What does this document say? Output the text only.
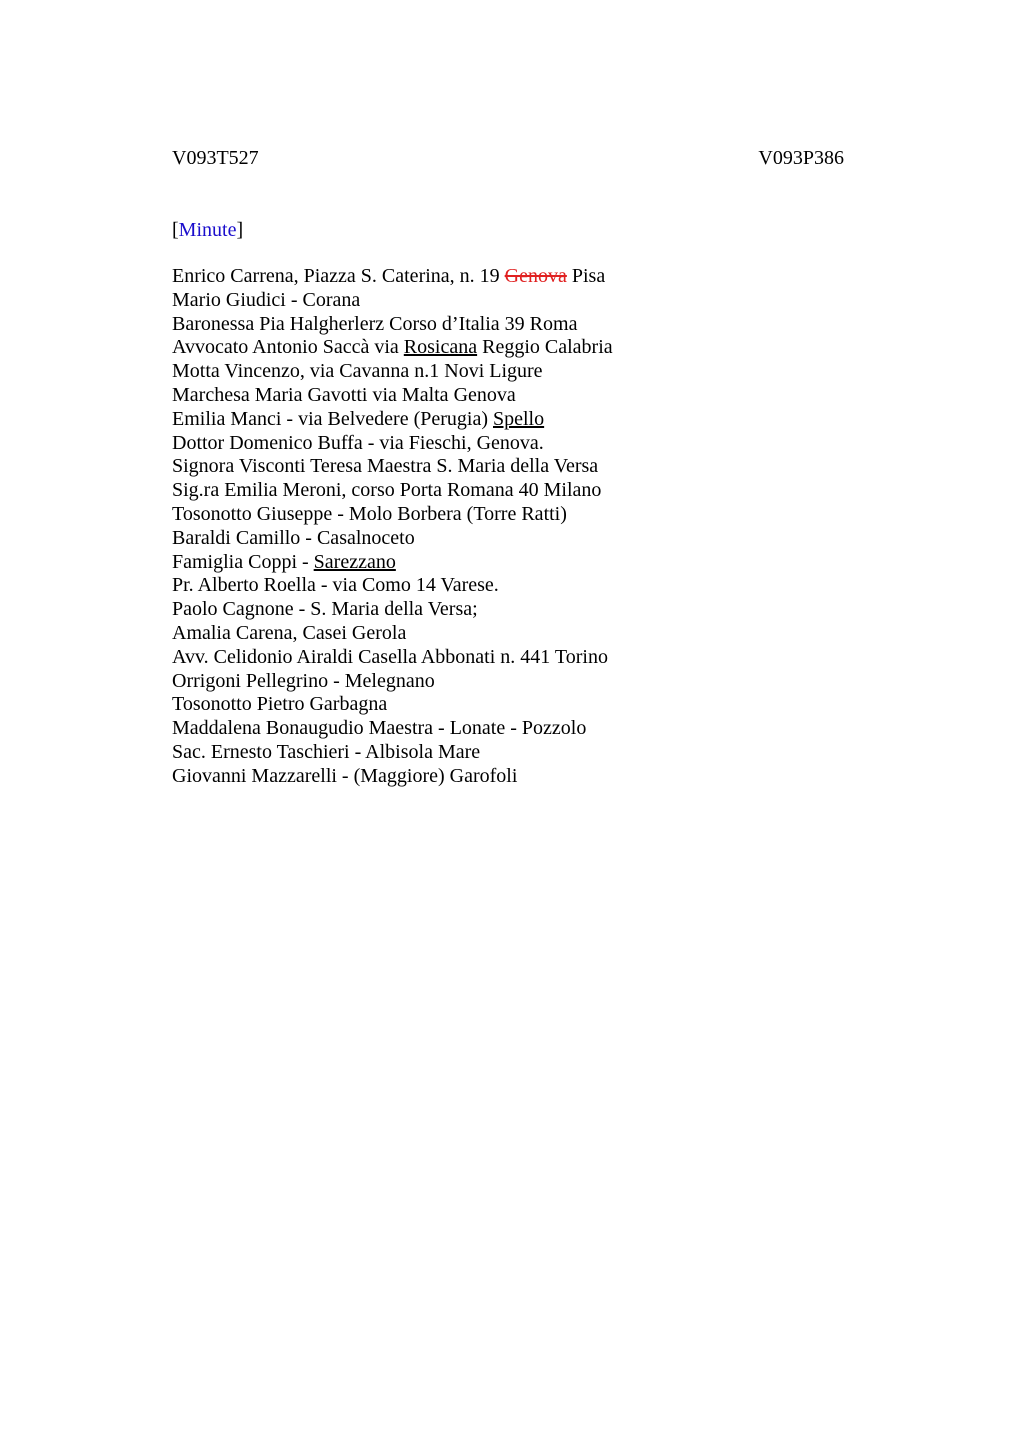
V093T527	V093P386
[Minute]
Enrico Carrena, Piazza S. Caterina, n. 19 Genova Pisa
Mario Giudici - Corana
Baronessa Pia Halgherlerz Corso d’Italia 39 Roma
Avvocato Antonio Saccà via Rosicana Reggio Calabria
Motta Vincenzo, via Cavanna n.1 Novi Ligure
Marchesa Maria Gavotti via Malta Genova
Emilia Manci - via Belvedere (Perugia) Spello
Dottor Domenico Buffa - via Fieschi, Genova.
Signora Visconti Teresa Maestra S. Maria della Versa
Sig.ra Emilia Meroni, corso Porta Romana 40 Milano
Tosonotto Giuseppe - Molo Borbera (Torre Ratti)
Baraldi Camillo - Casalnoceto
Famiglia Coppi - Sarezzano
Pr. Alberto Roella - via Como 14 Varese.
Paolo Cagnone - S. Maria della Versa;
Amalia Carena, Casei Gerola
Avv. Celidonio Airaldi Casella Abbonati n. 441 Torino
Orrigoni Pellegrino - Melegnano
Tosonotto Pietro Garbagna
Maddalena Bonaugudio Maestra - Lonate - Pozzolo
Sac. Ernesto Taschieri - Albisola Mare
Giovanni Mazzarelli - (Maggiore) Garofoli
